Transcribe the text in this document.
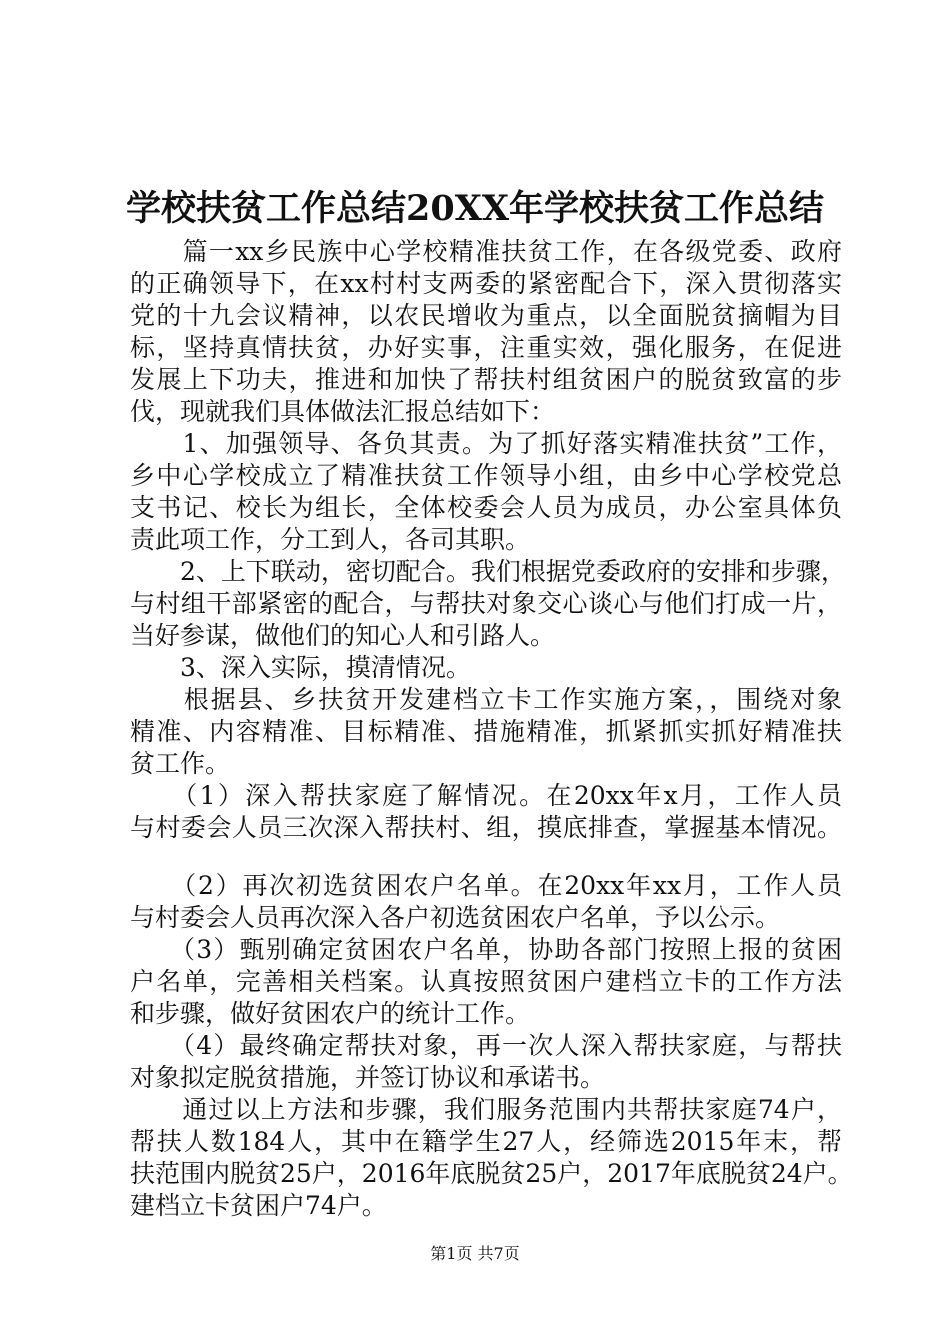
学校扶贫工作总结20XX年学校扶贫工作总结
　　篇一xx乡民族中心学校精准扶贫工作，在各级党委、政府
的正确领导下，在xx村村支两委的紧密配合下，深入贯彻落实
党的十九会议精神，以农民增收为重点，以全面脱贫摘帽为目
标，坚持真情扶贫，办好实事，注重实效，强化服务，在促进
发展上下功夫，推进和加快了帮扶村组贫困户的脱贫致富的步
伐，现就我们具体做法汇报总结如下：
　　1、加强领导、各负其责。为了抓好落实精准扶贫”工作，
乡中心学校成立了精准扶贫工作领导小组，由乡中心学校党总
支书记、校长为组长，全体校委会人员为成员，办公室具体负
责此项工作，分工到人，各司其职。
　　2、上下联动，密切配合。我们根据党委政府的安排和步骤，
与村组干部紧密的配合，与帮扶对象交心谈心与他们打成一片，
当好参谋，做他们的知心人和引路人。
　　3、深入实际，摸清情况。
　　根据县、乡扶贫开发建档立卡工作实施方案，，围绕对象
精准、内容精准、目标精准、措施精准，抓紧抓实抓好精准扶
贫工作。
　　（1）深入帮扶家庭了解情况。在20xx年x月，工作人员
与村委会人员三次深入帮扶村、组，摸底排查，掌握基本情况。
　　（2）再次初选贫困农户名单。在20xx年xx月，工作人员
与村委会人员再次深入各户初选贫困农户名单，予以公示。
　　（3）甄别确定贫困农户名单，协助各部门按照上报的贫困
户名单，完善相关档案。认真按照贫困户建档立卡的工作方法
和步骤，做好贫困农户的统计工作。
　　（4）最终确定帮扶对象，再一次人深入帮扶家庭，与帮扶
对象拟定脱贫措施，并签订协议和承诺书。
　　通过以上方法和步骤，我们服务范围内共帮扶家庭74户，
帮扶人数184人，其中在籍学生27人，经筛选2015年末，帮
扶范围内脱贫25户，2016年底脱贫25户，2017年底脱贫24户。
建档立卡贫困户74户。
第1页 共7页
